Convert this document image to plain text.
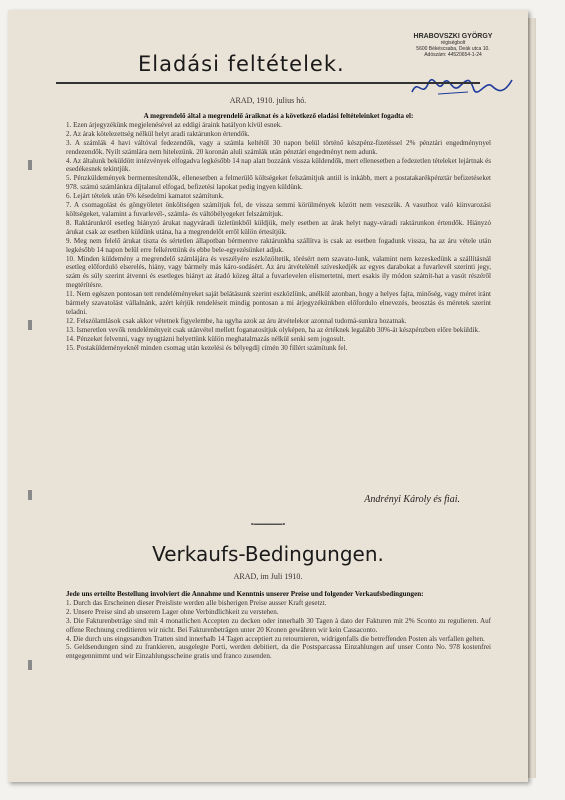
Eladási feltételek.
HRABOVSZKI GYÖRGY
régiségbolt
5600 Békéscsaba, Deák utca 10.
Adószám: 44520654-1-24
ARAD, 1910. julius hó.

A megrendelő által a megrendelő áraiknat és a következő eladási feltételeinket fogadta el:

1. Ezen árjegyzékünk megjelenésével az eddigi áraink hatályon kívül esnek.

2. Az árak kötelezettség nélkül helyt aradi raktárunkon értendők.

3. A számlák 4 havi váltóval fedezendők, vagy a számla keltétől 30 napon belül történő készpénz-fizetéssel 2% pénztári engedménynyel rendezendők. Nyilt számlára nem hitelezünk. 20 koronán aluli számlák után pénztári engedményt nem adunk.

4. Az általunk beküldött intézvények elfogadva legkésőbb 14 nap alatt bozzánk vissza küldendők, mert ellenesetben a fedezetlen tételeket lejártnak és esedékesnek tekintjük.

5. Pénzküldemények bermentesítendők, ellenesetben a felmerülő költségeket felszámítjuk antiil is inkább, mert a postatakarékpénztár befizetéseket 978. számú számlánkra díjtalanul elfogad, befizetési lapokat pedig ingyen küldünk.

6. Lejárt tételek után 6% késedelmi kamatot számítunk.

7. A csomagolást és göngyöletet önköltségen számítjuk fel, de vissza semmi körülmények között nem veszszük. A vasuthoz való kiinvarozási költségeket, valamint a fuvarlevél-, számla- és váltóbélyegeket felszámítjuk.

8. Raktárunkról esetleg hiányzó árukat nagyváradi üzletünkből küldjük, mely esetben az árak helyt nagy-váradi raktárunkon értendők. Hiányzó árukat csak az esetben küldünk utána, ha a megrendelőt erről külön értesítjük.

9. Meg nem felelő árukat tiszta és sértetlen állapotban bérmentve raktárunkba szállítva is csak az esetben fogadunk vissza, ha az áru vétele után legkésőbb 14 napon belül erre felkérettünk és ebbe bele-egyezésünket adjuk.

10. Minden küldemény a megrendelő számlájára és veszélyére eszközöltetik, törésért nem szavato-lunk, valamint nem kezeskedünk a szállításnál esetleg előforduló elserelés, hiány, vagy bármely más káro-sodásért. Az áru átvételénél szíveskedjék az egyes darabokat a fuvarlevél szerinti jegy, szám és súly szerint átvenni és esetleges hiányt az átadó közeg által a fuvarlevelen elismertetni, mert esakis ily módon számít-hat a vasút részéről megtérítésre.

11. Nem egészen pontosan tett rendeléményeket saját belátásunk szerint eszközlünk, anélkül azonban, hogy a helyes fajta, minőség, vagy méret iránt bármely szavatolást vállalnánk, azért kérjük rendeléseit mindig pontosan a mi árjegyzékünkben előfordulo elnevezés, beosztás és méretek szerint teladni.

12. Felszólamlások csak akkor vétetnek figyelembe, ha ugyha azok az áru átvételekor azonnal tudomá-sunkra hozatnak.

13. Ismeretlen vevők rendeléményeit csak utánvétel mellett foganatosítjuk olyképen, ha az értéknek legalább 30%-át készpénzben előre beküldik.

14. Pénzeket felvenni, vagy nyugtázni helyettünk külön meghatalmazás nélkül senki sem jogosult.

15. Postaküldeményeknél minden csomag után kezelési és bélyegdíj címén 30 fillért számítunk fel.

Andrényi Károly és fiai.
•━━━━━━•
Verkaufs-Bedingungen.
ARAD, im Juli 1910.

Jede uns erteilte Bestellung involviert die Annahme und Kenntnis unserer Preise und folgender Verkaufsbedingungen:

1. Durch das Erscheinen dieser Preisliste werden alle bisherigen Preise ausser Kraft gesetzt.

2. Unsere Preise sind ab unserem Lager ohne Verbindlichkeit zu verstehen.

3. Die Fakturenbeträge sind mit 4 monatlichen Accepten zu decken oder innerhalb 30 Tagen à dato der Fakturen mit 2% Sconto zu regulieren. Auf offene Rechnung creditieren wir nicht. Bei Fakturenbeträgen unter 20 Kronen gewähren wir kein Cassaconto.

4. Die durch uns eingesandten Tratten sind innerhalb 14 Tagen acceptiert zu retournieren, widrigenfalls die betreffenden Posten als verfallen gelten.

5. Geldsendungen sind zu frankieren, ausgelegte Porti, werden debitiert, da die Postsparcassa Einzahlungen auf unser Conto No. 978 kostenfrei entgegennimmt und wir Einzahlungsscheine gratis und franco zusenden.
